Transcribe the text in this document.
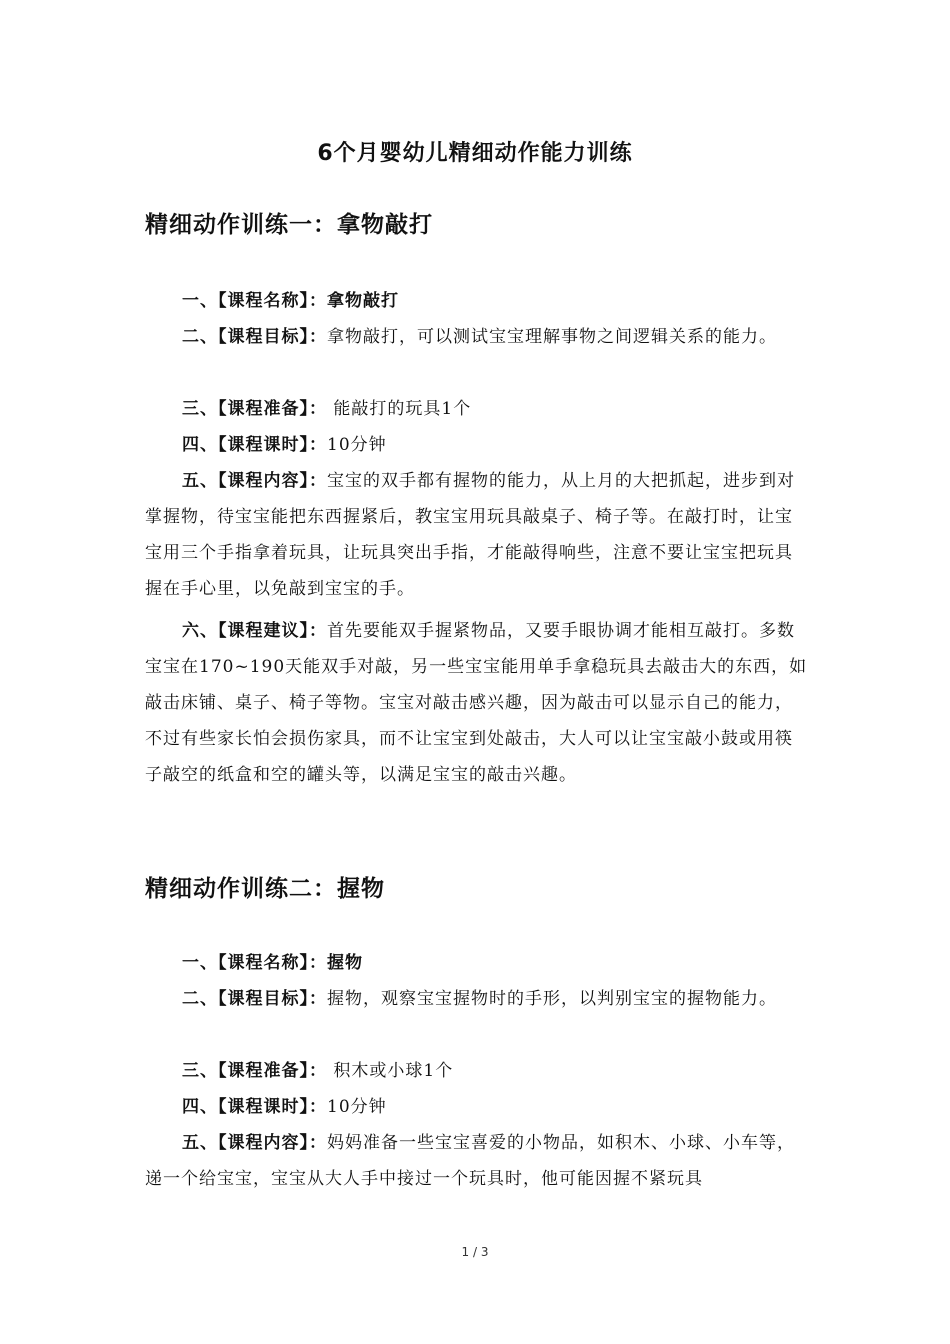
6个月婴幼儿精细动作能力训练
精细动作训练一：拿物敲打
一、【课程名称】：拿物敲打
二、【课程目标】：拿物敲打，可以测试宝宝理解事物之间逻辑关系的能力。
三、【课程准备】： 能敲打的玩具1个
四、【课程课时】：10分钟
五、【课程内容】：宝宝的双手都有握物的能力，从上月的大把抓起，进步到对掌握物，待宝宝能把东西握紧后，教宝宝用玩具敲桌子、椅子等。在敲打时，让宝宝用三个手指拿着玩具，让玩具突出手指，才能敲得响些，注意不要让宝宝把玩具握在手心里，以免敲到宝宝的手。
六、【课程建议】：首先要能双手握紧物品，又要手眼协调才能相互敲打。多数宝宝在170~190天能双手对敲，另一些宝宝能用单手拿稳玩具去敲击大的东西，如敲击床铺、桌子、椅子等物。宝宝对敲击感兴趣，因为敲击可以显示自己的能力，不过有些家长怕会损伤家具，而不让宝宝到处敲击，大人可以让宝宝敲小鼓或用筷子敲空的纸盒和空的罐头等，以满足宝宝的敲击兴趣。
精细动作训练二：握物
一、【课程名称】：握物
二、【课程目标】：握物，观察宝宝握物时的手形，以判别宝宝的握物能力。
三、【课程准备】： 积木或小球1个
四、【课程课时】：10分钟
五、【课程内容】：妈妈准备一些宝宝喜爱的小物品，如积木、小球、小车等，递一个给宝宝，宝宝从大人手中接过一个玩具时，他可能因握不紧玩具
1 / 3
